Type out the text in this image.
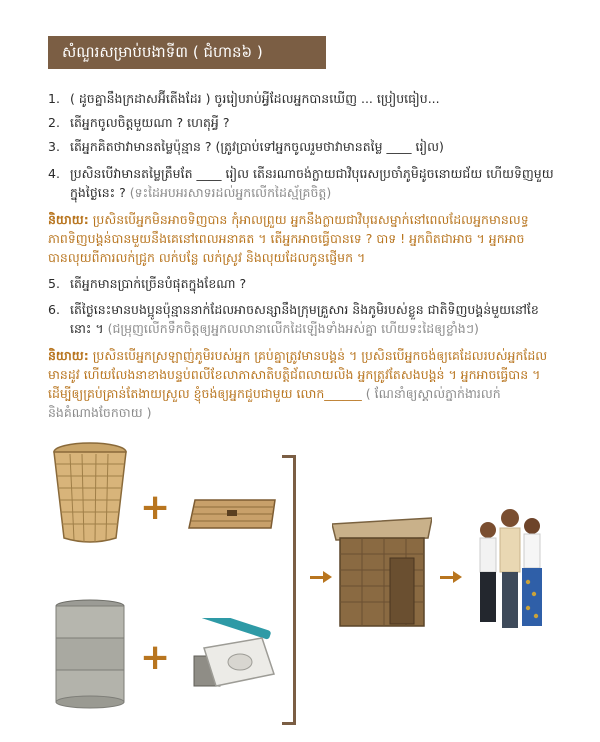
សំណួរសម្រាប់បងាទី៣ ( ជំហាន៦ )
1. ( ដូចគ្នានឹងក្រដាសអ៊ីតើងដែរ ) ចូររៀបរាប់អ្វីដែលអ្នកបានឃើញ ... ប្រៀបធៀប...
2. តើអ្នកចូលចិត្តមួយណា ? ហេតុអ្វី ?
3. តើអ្នកគិតថាវាមានតម្លៃប៉ុន្មាន ? (ត្រូវប្រាប់ទៅអ្នកចូលរួមថាវាមានតម្លៃ ____ រៀល)
4. ប្រសិនបើវាមានតម្លៃត្រឹមតែ ____ រៀល តើនរណាចង់ក្លាយជាវិបុរេសប្រចាំភូមិដូចនោយជ័យ ហើយទិញមួយក្នុងថ្ងៃនេះ ? (ទះដៃអបអរសាទរដល់អ្នកលើកដៃស្ម័គ្រចិត្ត)
និយាយ: ប្រសិនបើអ្នកមិនអាចទិញបាន កុំអាលព្រួយ អ្នកនឹងក្លាយជាវិបុរេសម្នាក់នៅពេលដែលអ្នកមានលទ្ធភាពទិញបង្គន់បានមួយនឹងគេនៅពេលអនាគត ។ តើអ្នកអាចធ្វើបានទេ ? បាទ ! អ្នកពិតជាអាច ។ អ្នកអាចបានលុយពីការលក់ជ្រូក លក់បន្លែ លក់ស្រូវ និងលុយដែលកូនផ្ញើមក ។
5. តើអ្នកមានប្រាក់ច្រើនបំផុតក្នុងខែណា ?
6. តើថ្ងៃនេះមានបងប្អូនប៉ុន្មាននាក់ដែលអាចសន្សានឹងក្រុមគ្រួសារ និងភូមិរបស់ខ្លួន ជាតិទិញបង្គន់មួយនៅខែនោះ ។ (ជម្រុញលើកទឹកចិត្តឲ្យអ្នកលលានាលើកដៃឡើងទាំងអស់គ្នា ហើយទះដៃឲ្យខ្លាំងៗ)
និយាយ: ប្រសិនបើអ្នកស្រឡាញ់ភូមិរបស់អ្នក គ្រប់គ្នាត្រូវមានបង្គន់ ។ ប្រសិនបើអ្នកចង់ឲ្យគេដែលរបស់អ្នកដែលមានដូវ ហើយលែងនាខាងបន្ទប់ពលីខែលាភាសាតិបត្តិជ័ពលាយលិង អ្នកត្រូវតែសងបង្គន់ ។ អ្នកអាចធ្វើបាន ។ ដើម្បីឲ្យគ្រប់គ្រាន់តែងាយស្រួល ខ្ញុំចង់ឲ្យអ្នកជួបជាមួយ លោក______ ( ណែនាំឲ្យស្គាល់ភ្នាក់ងារលក់ និងគំណាងចែកចាយ )
+
+
